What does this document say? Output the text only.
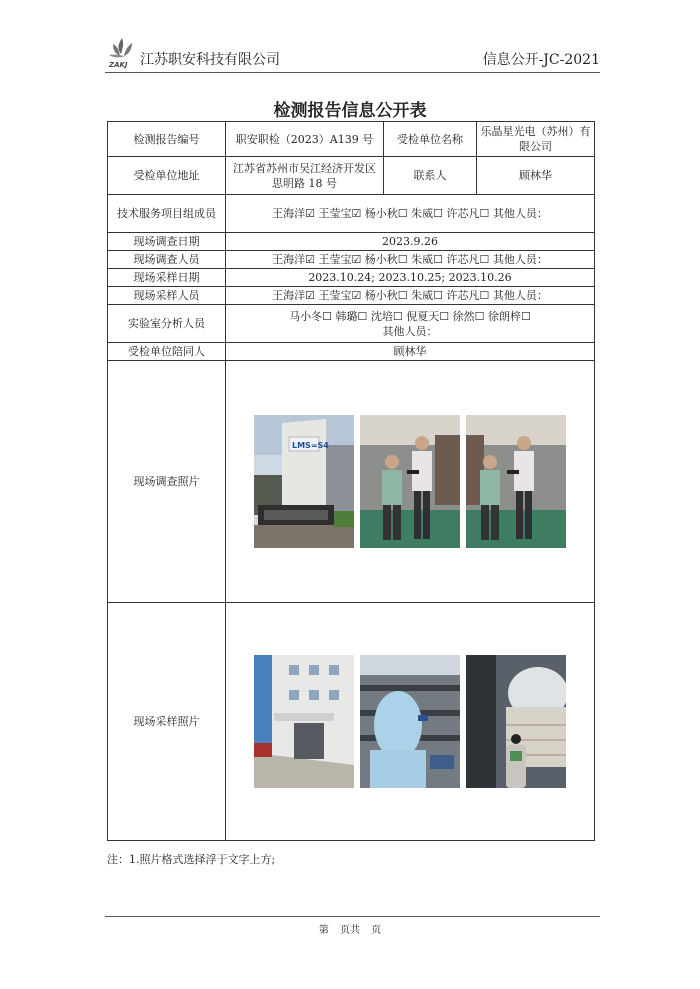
ZAKJ 江苏职安科技有限公司	信息公开-JC-2021
检测报告信息公开表
检测报告编号	职安职检（2023）A139 号	受检单位名称	乐晶星光电（苏州）有限公司
受检单位地址	江苏省苏州市吴江经济开发区思明路 18 号	联系人	顾林华
技术服务项目组成员	王海洋☑ 王莹宝☑ 杨小秋☐ 朱威☐ 许芯凡☐ 其他人员：		
现场调查日期	2023.9.26		
现场调查人员	王海洋☑ 王莹宝☑ 杨小秋☐ 朱威☐ 许芯凡☐ 其他人员：		
现场采样日期	2023.10.24; 2023.10.25; 2023.10.26		
现场采样人员	王海洋☑ 王莹宝☑ 杨小秋☐ 朱威☐ 许芯凡☐ 其他人员：		
实验室分析人员	马小冬☐ 韩璐☐ 沈培☐ 倪夏天☐ 徐然☐ 徐朗梓☐
其他人员：		

受检单位陪同人	顾林华		
现场调查照片	LMS=S4		

现场采样照片	
注：1.照片格式选择浮于文字上方;
第 页共 页
